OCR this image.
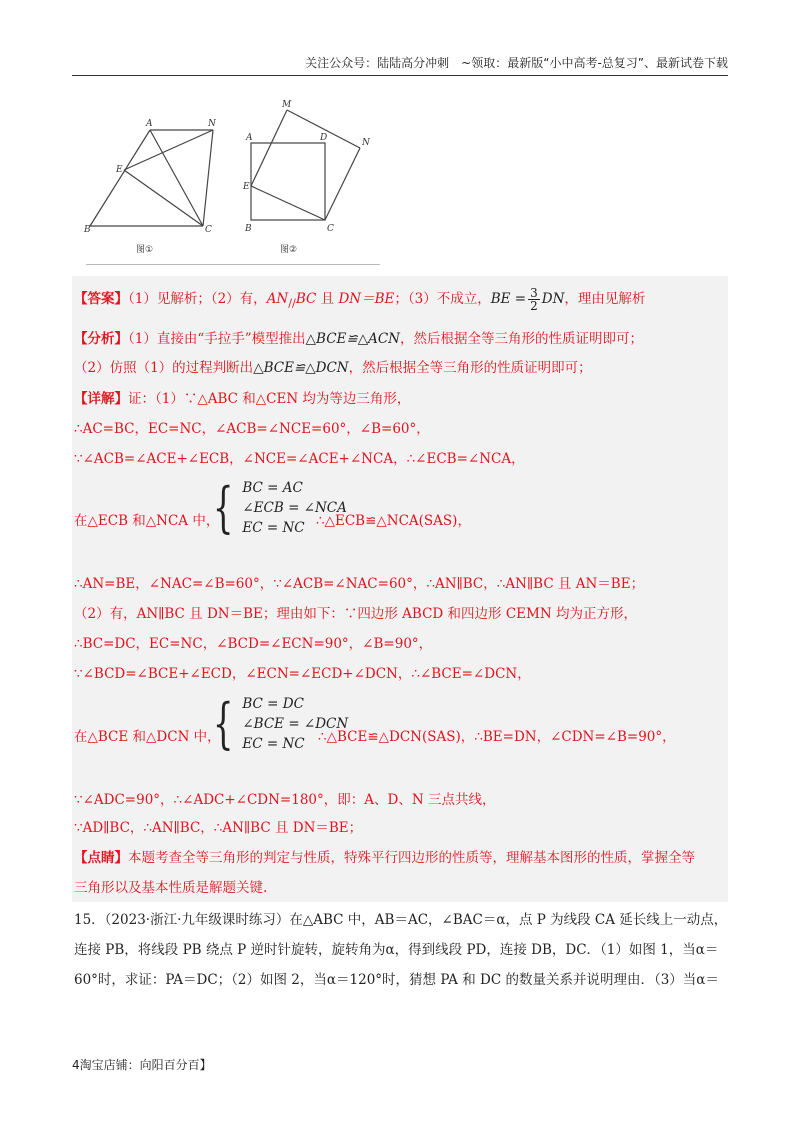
关注公众号：陆陆高分冲刺　~领取：最新版“小中高考-总复习”、最新试卷下载
A	N
E
B	C
M
A	D	N
E
B	C
图①	图②
【答案】（1）见解析；（2）有，$AN_{//}BC$ 且 DN＝BE；（3）不成立，BE = $\frac{3}{2}$ DN，理由见解析
【分析】（1）直接由“手拉手”模型推出△BCE≌△ACN，然后根据全等三角形的性质证明即可；
（2）仿照（1）的过程判断出△BCE≌△DCN，然后根据全等三角形的性质证明即可；
【详解】证：（1）∵△ABC 和△CEN 均为等边三角形，
∴AC=BC，EC=NC，∠ACB=∠NCE=60°，∠B=60°，
∵∠ACB=∠ACE+∠ECB，∠NCE=∠ACE+∠NCA，∴∠ECB=∠NCA，
在△ECB 和△NCA 中，
{ BC = AC
∠ECB = ∠NCA
EC = NC ∴△ECB≌△NCA(SAS)，
∴AN=BE，∠NAC=∠B=60°，∵∠ACB=∠NAC=60°，∴AN∥BC，∴AN∥BC 且 AN＝BE；
（2）有，AN∥BC 且 DN＝BE；理由如下：∵四边形 ABCD 和四边形 CEMN 均为正方形，
∴BC=DC，EC=NC，∠BCD=∠ECN=90°，∠B=90°，
∵∠BCD=∠BCE+∠ECD，∠ECN=∠ECD+∠DCN，∴∠BCE=∠DCN，
在△BCE 和△DCN 中，
{ BC = DC
∠BCE = ∠DCN
EC = NC ∴△BCE≌△DCN(SAS)，∴BE=DN，∠CDN=∠B=90°，
∵∠ADC=90°，∴∠ADC+∠CDN=180°，即：A、D、N 三点共线，
∵AD∥BC，∴AN∥BC，∴AN∥BC 且 DN＝BE；
【点睛】本题考查全等三角形的判定与性质，特殊平行四边形的性质等，理解基本图形的性质，掌握全等
三角形以及基本性质是解题关键.
15．（2023·浙江·九年级课时练习）在△ABC 中，AB＝AC，∠BAC＝α，点 P 为线段 CA 延长线上一动点，
连接 PB，将线段 PB 绕点 P 逆时针旋转，旋转角为α，得到线段 PD，连接 DB，DC．（1）如图 1，当α＝
60°时，求证：PA＝DC；（2）如图 2，当α＝120°时，猜想 PA 和 DC 的数量关系并说明理由．（3）当α＝
4淘宝店铺：向阳百分百】
